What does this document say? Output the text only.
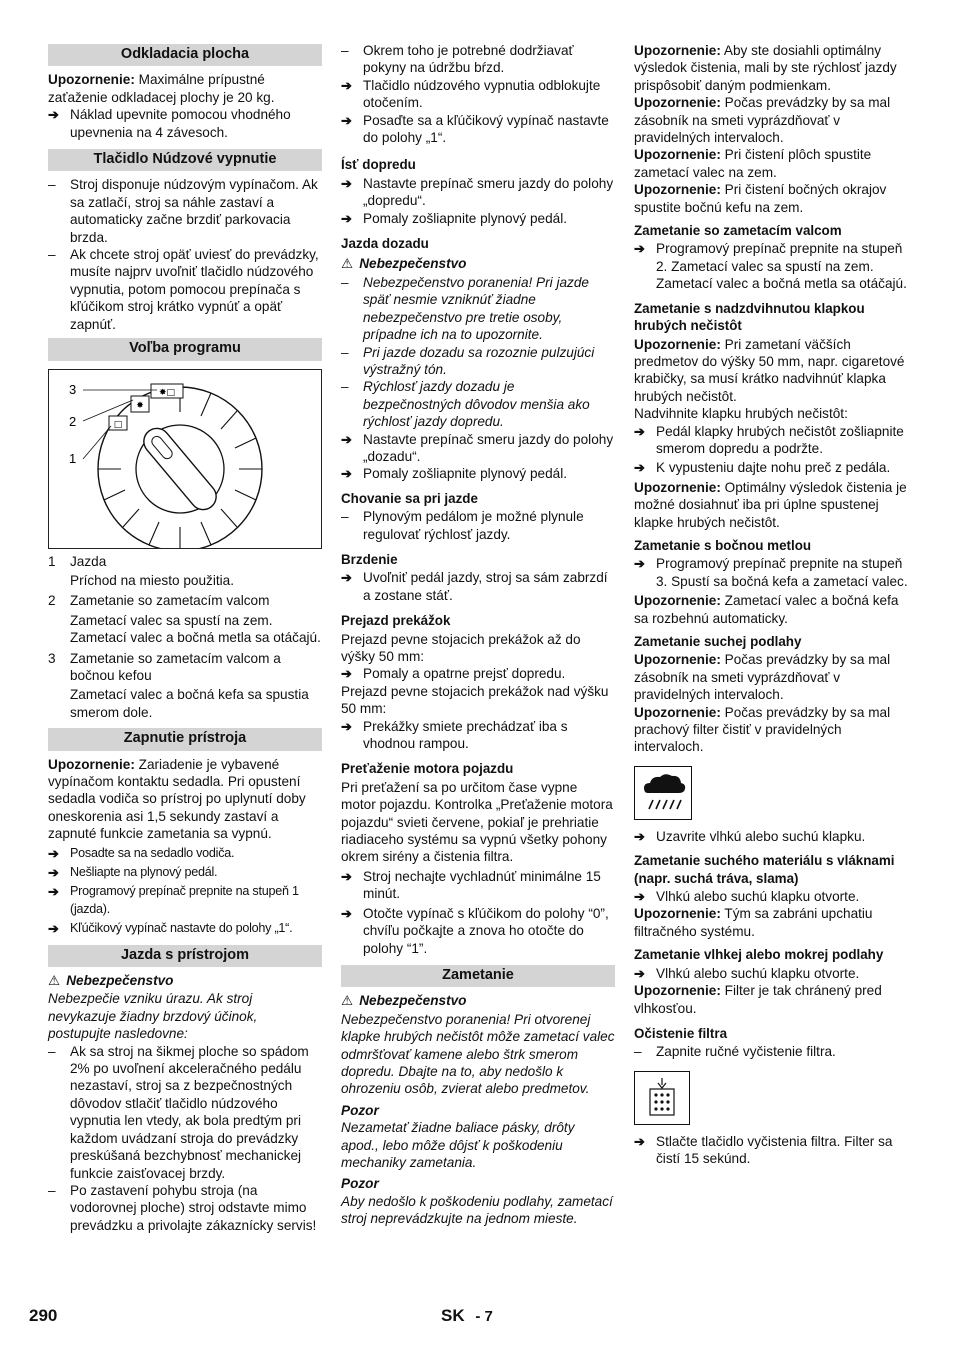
Odkladacia plocha

Upozornenie: Maximálne prípustné zaťaženie odkladacej plochy je 20 kg.

➔ Náklad upevnite pomocou vhodného upevnenia na 4 závesoch.

Tlačidlo Núdzové vypnutie

– Stroj disponuje núdzovým vypínačom. Ak sa zatlačí, stroj sa náhle zastaví a automaticky začne brzdiť parkovacia brzda.

– Ak chcete stroj opäť uviesť do prevádzky, musíte najprv uvoľniť tlačidlo núdzového vypnutia, potom pomocou prepínača s kľúčikom stroj krátko vypnúť a opäť zapnúť.

Voľba programu
✸
✸□
□
3
2
1
1 Jazda

Príchod na miesto použitia.

2 Zametanie so zametacím valcom

Zametací valec sa spustí na zem. Zametací valec a bočná metla sa otáčajú.

3 Zametanie so zametacím valcom a bočnou kefou

Zametací valec a bočná kefa sa spustia smerom dole.

Zapnutie prístroja

Upozornenie: Zariadenie je vybavené vypínačom kontaktu sedadla. Pri opustení sedadla vodiča so prístroj po uplynutí doby oneskorenia asi 1,5 sekundy zastaví a zapnuté funkcie zametania sa vypnú.

➔ Posadte sa na sedadlo vodiča.

➔ Nešliapte na plynový pedál.

➔ Programový prepínač prepnite na stupeň 1 (jazda).

➔ Kľúčikový vypínač nastavte do polohy „1“.

Jazda s prístrojom

⚠ Nebezpečenstvo

Nebezpečie vzniku úrazu. Ak stroj nevykazuje žiadny brzdový účinok, postupujte nasledovne:

– Ak sa stroj na šikmej ploche so spádom 2% po uvoľnení akceleračného pedálu nezastaví, stroj sa z bezpečnostných dôvodov stlačiť tlačidlo núdzového vypnutia len vtedy, ak bola predtým pri každom uvádzaní stroja do prevádzky preskúšaná bezchybnosť mechanickej funkcie zaisťovacej brzdy.

– Po zastavení pohybu stroja (na vodorovnej ploche) stroj odstavte mimo prevádzku a privolajte zákaznícky servis!

– Okrem toho je potrebné dodržiavať pokyny na údržbu bŕzd.

➔ Tlačidlo núdzového vypnutia odblokujte otočením.

➔ Posaďte sa a kľúčikový vypínač nastavte do polohy „1“.

Ísť dopredu

➔ Nastavte prepínač smeru jazdy do polohy „dopredu“.

➔ Pomaly zošliapnite plynový pedál.

Jazda dozadu

⚠ Nebezpečenstvo

– Nebezpečenstvo poranenia! Pri jazde späť nesmie vzniknúť žiadne nebezpečenstvo pre tretie osoby, prípadne ich na to upozornite.

– Pri jazde dozadu sa rozoznie pulzujúci výstražný tón.

– Rýchlosť jazdy dozadu je bezpečnostných dôvodov menšia ako rýchlosť jazdy dopredu.

➔ Nastavte prepínač smeru jazdy do polohy „dozadu“.

➔ Pomaly zošliapnite plynový pedál.

Chovanie sa pri jazde

– Plynovým pedálom je možné plynule regulovať rýchlosť jazdy.

Brzdenie

➔ Uvoľniť pedál jazdy, stroj sa sám zabrzdí a zostane stáť.

Prejazd prekážok

Prejazd pevne stojacich prekážok až do výšky 50 mm:

➔ Pomaly a opatrne prejsť dopredu.

Prejazd pevne stojacich prekážok nad výšku 50 mm:

➔ Prekážky smiete prechádzať iba s vhodnou rampou.

Preťaženie motora pojazdu

Pri preťažení sa po určitom čase vypne motor pojazdu. Kontrolka „Preťaženie motora pojazdu“ svieti červene, pokiaľ je prehriatie riadiaceho systému sa vypnú všetky pohony okrem sirény a čistenia filtra.

➔ Stroj nechajte vychladnúť minimálne 15 minút.

➔ Otočte vypínač s kľúčikom do polohy “0”, chvíľu počkajte a znova ho otočte do polohy “1”.

Zametanie

⚠ Nebezpečenstvo

Nebezpečenstvo poranenia! Pri otvorenej klapke hrubých nečistôt môže zametací valec odmršťovať kamene alebo štrk smerom dopredu. Dbajte na to, aby nedošlo k ohrozeniu osôb, zvierat alebo predmetov.

Pozor

Nezametať žiadne baliace pásky, drôty apod., lebo môže dôjsť k poškodeniu mechaniky zametania.

Pozor

Aby nedošlo k poškodeniu podlahy, zametací stroj neprevádzkujte na jednom mieste.

Upozornenie: Aby ste dosiahli optimálny výsledok čistenia, mali by ste rýchlosť jazdy prispôsobiť daným podmienkam.

Upozornenie: Počas prevádzky by sa mal zásobník na smeti vyprázdňovať v pravidelných intervaloch.

Upozornenie: Pri čistení plôch spustite zametací valec na zem.

Upozornenie: Pri čistení bočných okrajov spustite bočnú kefu na zem.

Zametanie so zametacím valcom

➔ Programový prepínač prepnite na stupeň 2. Zametací valec sa spustí na zem. Zametací valec a bočná metla sa otáčajú.

Zametanie s nadzdvihnutou klapkou hrubých nečistôt

Upozornenie: Pri zametaní väčších predmetov do výšky 50 mm, napr. cigaretové krabičky, sa musí krátko nadvihnúť klapka hrubých nečistôt.

Nadvihnite klapku hrubých nečistôt:

➔ Pedál klapky hrubých nečistôt zošliapnite smerom dopredu a podržte.

➔ K vypusteniu dajte nohu preč z pedála.

Upozornenie: Optimálny výsledok čistenia je možné dosiahnuť iba pri úplne spustenej klapke hrubých nečistôt.

Zametanie s bočnou metlou

➔ Programový prepínač prepnite na stupeň 3. Spustí sa bočná kefa a zametací valec.

Upozornenie: Zametací valec a bočná kefa sa rozbehnú automaticky.

Zametanie suchej podlahy

Upozornenie: Počas prevádzky by sa mal zásobník na smeti vyprázdňovať v pravidelných intervaloch.

Upozornenie: Počas prevádzky by sa mal prachový filter čistiť v pravidelných intervaloch.

➔ Uzavrite vlhkú alebo suchú klapku.

Zametanie suchého materiálu s vláknami (napr. suchá tráva, slama)

➔ Vlhkú alebo suchú klapku otvorte.

Upozornenie: Tým sa zabráni upchatiu filtračného systému.

Zametanie vlhkej alebo mokrej podlahy

➔ Vlhkú alebo suchú klapku otvorte.

Upozornenie: Filter je tak chránený pred vlhkosťou.

Očistenie filtra

– Zapnite ručné vyčistenie filtra.

➔ Stlačte tlačidlo vyčistenia filtra. Filter sa čistí 15 sekúnd.

290	SK - 7
